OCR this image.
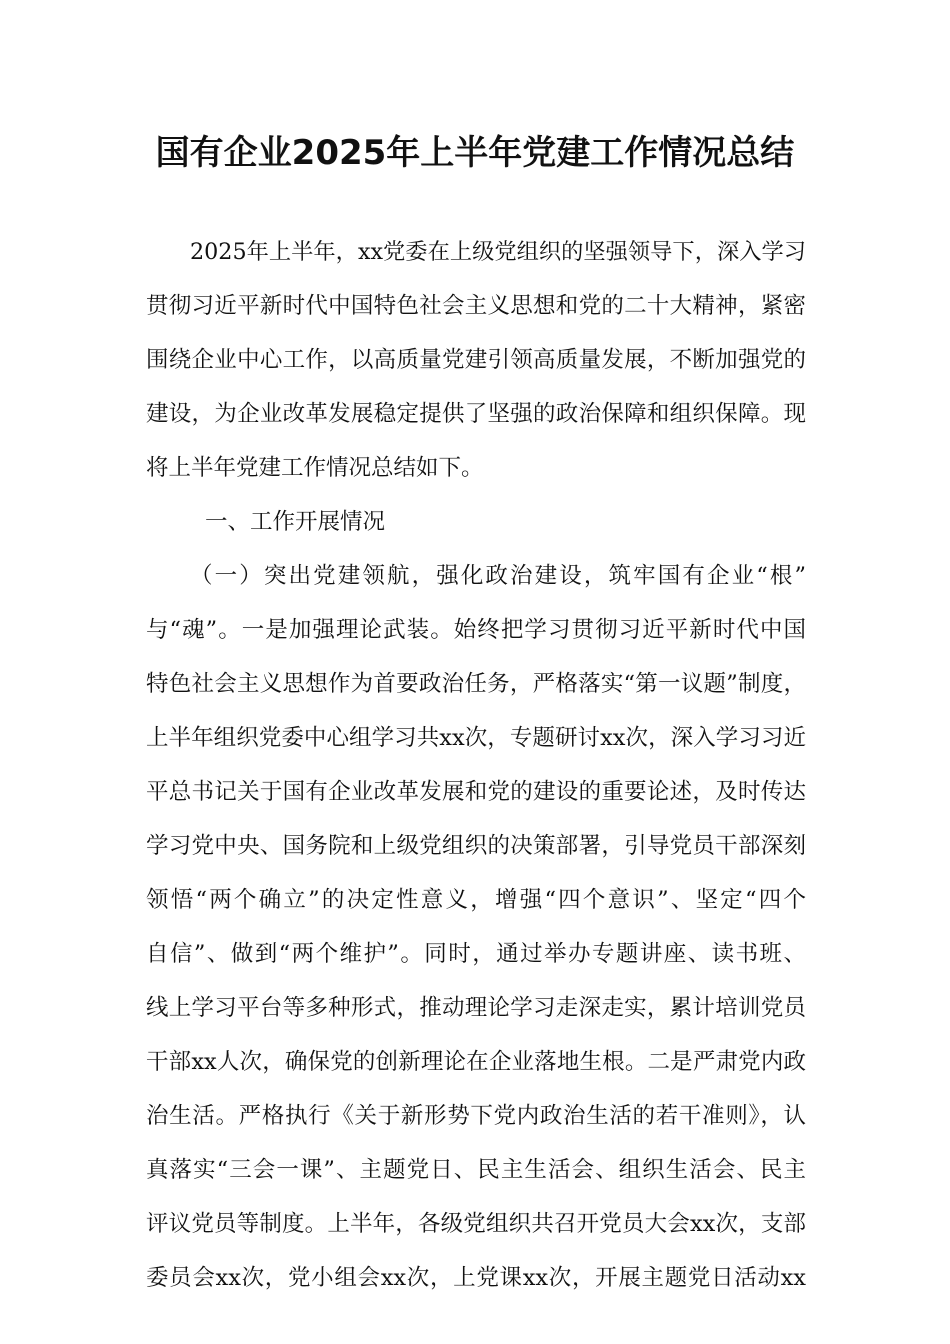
国有企业2025年上半年党建工作情况总结

2025年上半年，xx党委在上级党组织的坚强领导下，深入学习

贯彻习近平新时代中国特色社会主义思想和党的二十大精神，紧密

围绕企业中心工作，以高质量党建引领高质量发展，不断加强党的

建设，为企业改革发展稳定提供了坚强的政治保障和组织保障。现

将上半年党建工作情况总结如下。

一、工作开展情况

（一）突出党建领航，强化政治建设，筑牢国有企业“根”

与“魂”。一是加强理论武装。始终把学习贯彻习近平新时代中国

特色社会主义思想作为首要政治任务，严格落实“第一议题”制度，

上半年组织党委中心组学习共xx次，专题研讨xx次，深入学习习近

平总书记关于国有企业改革发展和党的建设的重要论述，及时传达

学习党中央、国务院和上级党组织的决策部署，引导党员干部深刻

领悟“两个确立”的决定性意义，增强“四个意识”、坚定“四个

自信”、做到“两个维护”。同时，通过举办专题讲座、读书班、

线上学习平台等多种形式，推动理论学习走深走实，累计培训党员

干部xx人次，确保党的创新理论在企业落地生根。二是严肃党内政

治生活。严格执行《关于新形势下党内政治生活的若干准则》，认

真落实“三会一课”、主题党日、民主生活会、组织生活会、民主

评议党员等制度。上半年，各级党组织共召开党员大会xx次，支部

委员会xx次，党小组会xx次，上党课xx次，开展主题党日活动xx
